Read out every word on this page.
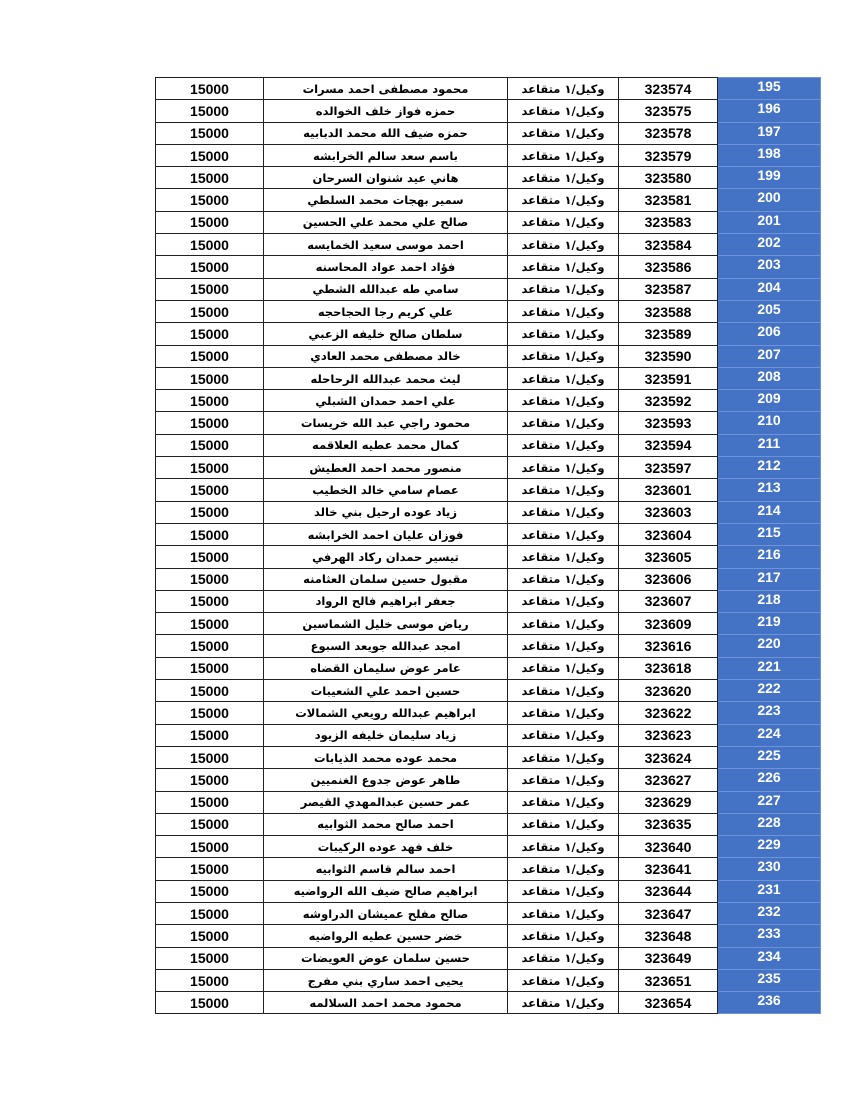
15000	محمود مصطفى احمد مسرات	وكيل/١ متقاعد	323574	195
15000	حمزه فواز خلف الخوالده	وكيل/١ متقاعد	323575	196
15000	حمزه ضيف الله محمد الدبابيه	وكيل/١ متقاعد	323578	197
15000	باسم سعد سالم الخرابشه	وكيل/١ متقاعد	323579	198
15000	هاني عيد شنوان السرحان	وكيل/١ متقاعد	323580	199
15000	سمير بهجات محمد السلطي	وكيل/١ متقاعد	323581	200
15000	صالح علي محمد علي الحسين	وكيل/١ متقاعد	323583	201
15000	احمد موسى سعيد الخمايسه	وكيل/١ متقاعد	323584	202
15000	فؤاد احمد عواد المحاسنه	وكيل/١ متقاعد	323586	203
15000	سامي طه عبدالله الشطي	وكيل/١ متقاعد	323587	204
15000	علي كريم رجا الحجاحجه	وكيل/١ متقاعد	323588	205
15000	سلطان صالح خليفه الزعبي	وكيل/١ متقاعد	323589	206
15000	خالد مصطفى محمد العادي	وكيل/١ متقاعد	323590	207
15000	ليث محمد عبدالله الرحاحله	وكيل/١ متقاعد	323591	208
15000	علي احمد حمدان الشبلي	وكيل/١ متقاعد	323592	209
15000	محمود راجي عبد الله خريسات	وكيل/١ متقاعد	323593	210
15000	كمال محمد عطيه العلاقمه	وكيل/١ متقاعد	323594	211
15000	منصور محمد احمد العطيش	وكيل/١ متقاعد	323597	212
15000	عصام سامي خالد الخطيب	وكيل/١ متقاعد	323601	213
15000	زياد عوده ارحيل بني خالد	وكيل/١ متقاعد	323603	214
15000	فوزان عليان احمد الخرابشه	وكيل/١ متقاعد	323604	215
15000	تيسير حمدان ركاد الهرفي	وكيل/١ متقاعد	323605	216
15000	مقبول حسين سلمان العثامنه	وكيل/١ متقاعد	323606	217
15000	جعفر ابراهيم فالح الرواد	وكيل/١ متقاعد	323607	218
15000	رياض موسى خليل الشماسين	وكيل/١ متقاعد	323609	219
15000	امجد عبدالله جويعد السبوع	وكيل/١ متقاعد	323616	220
15000	عامر عوض سليمان القضاه	وكيل/١ متقاعد	323618	221
15000	حسين احمد علي الشعيبات	وكيل/١ متقاعد	323620	222
15000	ابراهيم عبدالله رويعي الشمالات	وكيل/١ متقاعد	323622	223
15000	زياد سليمان خليفه الزيود	وكيل/١ متقاعد	323623	224
15000	محمد عوده محمد الذيابات	وكيل/١ متقاعد	323624	225
15000	طاهر عوض جدوع الغنميين	وكيل/١ متقاعد	323627	226
15000	عمر حسين عبدالمهدي القيصر	وكيل/١ متقاعد	323629	227
15000	احمد صالح محمد الثوابيه	وكيل/١ متقاعد	323635	228
15000	خلف فهد عوده الركيبات	وكيل/١ متقاعد	323640	229
15000	احمد سالم قاسم الثوابيه	وكيل/١ متقاعد	323641	230
15000	ابراهيم صالح ضيف الله الرواضيه	وكيل/١ متقاعد	323644	231
15000	صالح مفلح عميشان الدراوشه	وكيل/١ متقاعد	323647	232
15000	خضر حسين عطيه الرواضيه	وكيل/١ متقاعد	323648	233
15000	حسين سلمان عوض العويضات	وكيل/١ متقاعد	323649	234
15000	يحيى احمد ساري بني مفرج	وكيل/١ متقاعد	323651	235
15000	محمود محمد احمد السلالمه	وكيل/١ متقاعد	323654	236
